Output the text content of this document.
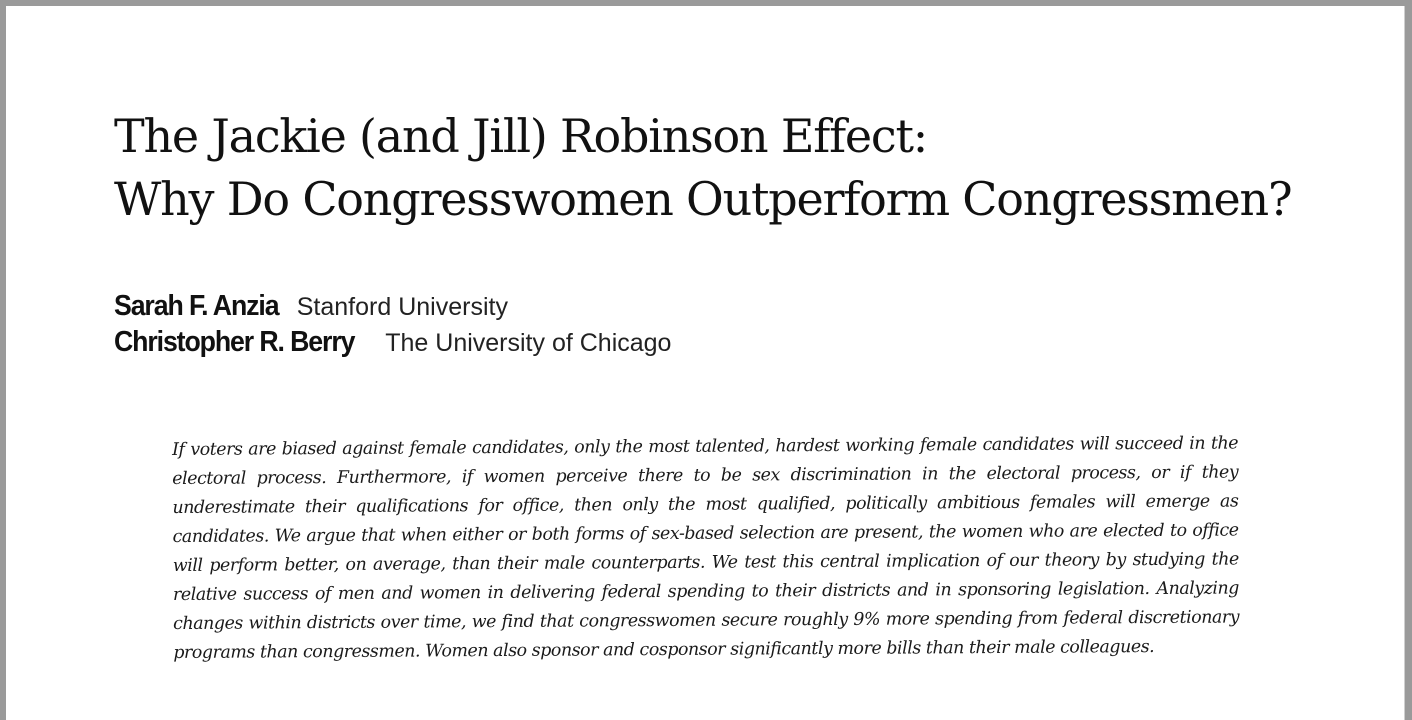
The Jackie (and Jill) Robinson Effect:
Why Do Congresswomen Outperform Congressmen?
Sarah F. Anzia Stanford University
Christopher R. Berry The University of Chicago

If voters are biased against female candidates, only the most talented, hardest working female candidates will succeed in the electoral process. Furthermore, if women perceive there to be sex discrimination in the electoral process, or if they underestimate their qualifications for office, then only the most qualified, politically ambitious females will emerge as candidates. We argue that when either or both forms of sex-based selection are present, the women who are elected to office will perform better, on average, than their male counterparts. We test this central implication of our theory by studying the relative success of men and women in delivering federal spending to their districts and in sponsoring legislation. Analyzing changes within districts over time, we find that congresswomen secure roughly 9% more spending from federal discretionary programs than congressmen. Women also sponsor and cosponsor significantly more bills than their male colleagues.
